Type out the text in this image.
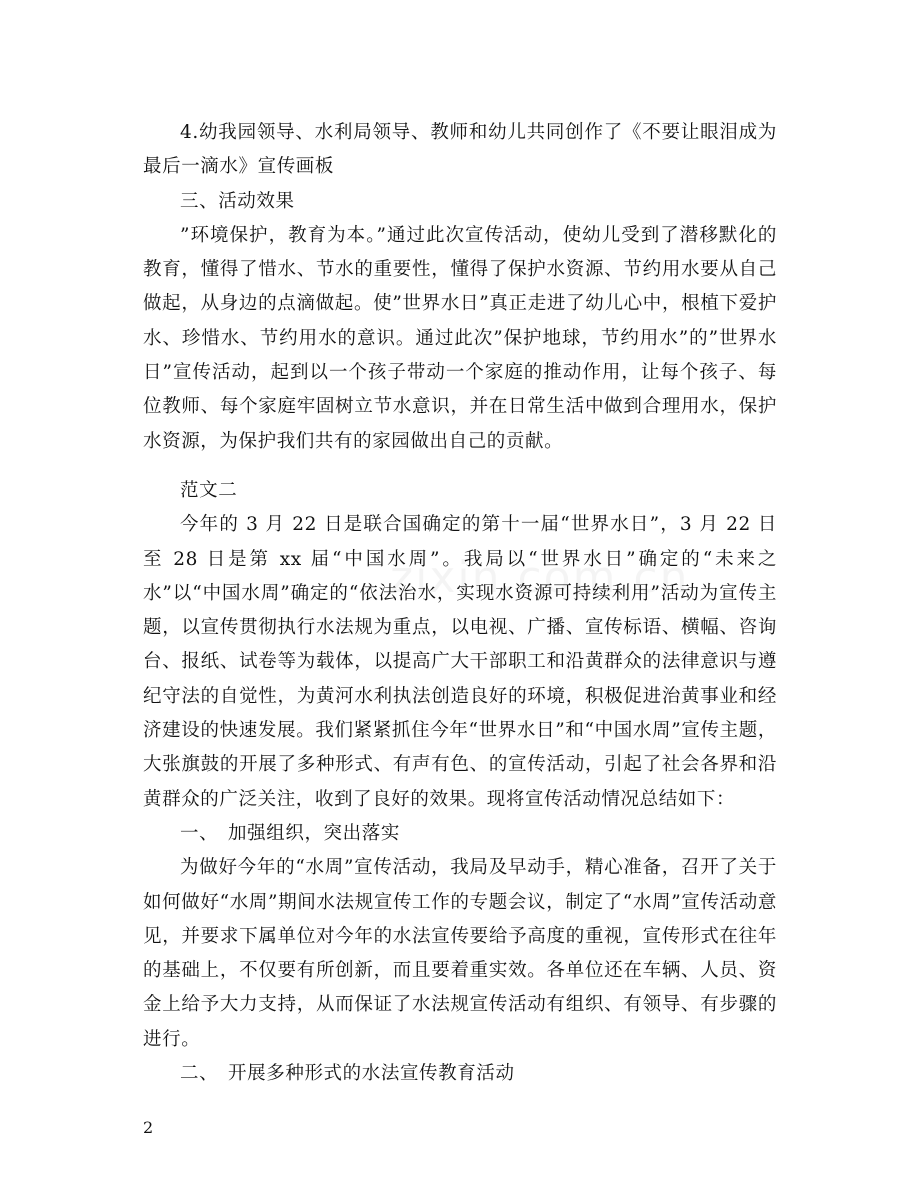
4.幼我园领导、水利局领导、教师和幼儿共同创作了《不要让眼泪成为最后一滴水》宣传画板

三、活动效果

”环境保护，教育为本。”通过此次宣传活动，使幼儿受到了潜移默化的教育，懂得了惜水、节水的重要性，懂得了保护水资源、节约用水要从自己做起，从身边的点滴做起。使”世界水日”真正走进了幼儿心中，根植下爱护水、珍惜水、节约用水的意识。通过此次”保护地球，节约用水”的”世界水日”宣传活动，起到以一个孩子带动一个家庭的推动作用，让每个孩子、每位教师、每个家庭牢固树立节水意识，并在日常生活中做到合理用水，保护水资源，为保护我们共有的家园做出自己的贡献。

范文二

今年的 3 月 22 日是联合国确定的第十一届“世界水日”，3 月 22 日至 28 日是第 xx 届“中国水周”。我局以“世界水日”确定的“未来之水”以“中国水周”确定的“依法治水，实现水资源可持续利用”活动为宣传主题，以宣传贯彻执行水法规为重点，以电视、广播、宣传标语、横幅、咨询台、报纸、试卷等为载体，以提高广大干部职工和沿黄群众的法律意识与遵纪守法的自觉性，为黄河水利执法创造良好的环境，积极促进治黄事业和经济建设的快速发展。我们紧紧抓住今年“世界水日”和“中国水周”宣传主题，大张旗鼓的开展了多种形式、有声有色、的宣传活动，引起了社会各界和沿黄群众的广泛关注，收到了良好的效果。现将宣传活动情况总结如下：

一、　加强组织，突出落实

为做好今年的“水周”宣传活动，我局及早动手，精心准备，召开了关于如何做好“水周”期间水法规宣传工作的专题会议，制定了“水周”宣传活动意见，并要求下属单位对今年的水法宣传要给予高度的重视，宣传形式在往年的基础上，不仅要有所创新，而且要着重实效。各单位还在车辆、人员、资金上给予大力支持，从而保证了水法规宣传活动有组织、有领导、有步骤的进行。

二、　开展多种形式的水法宣传教育活动

2
